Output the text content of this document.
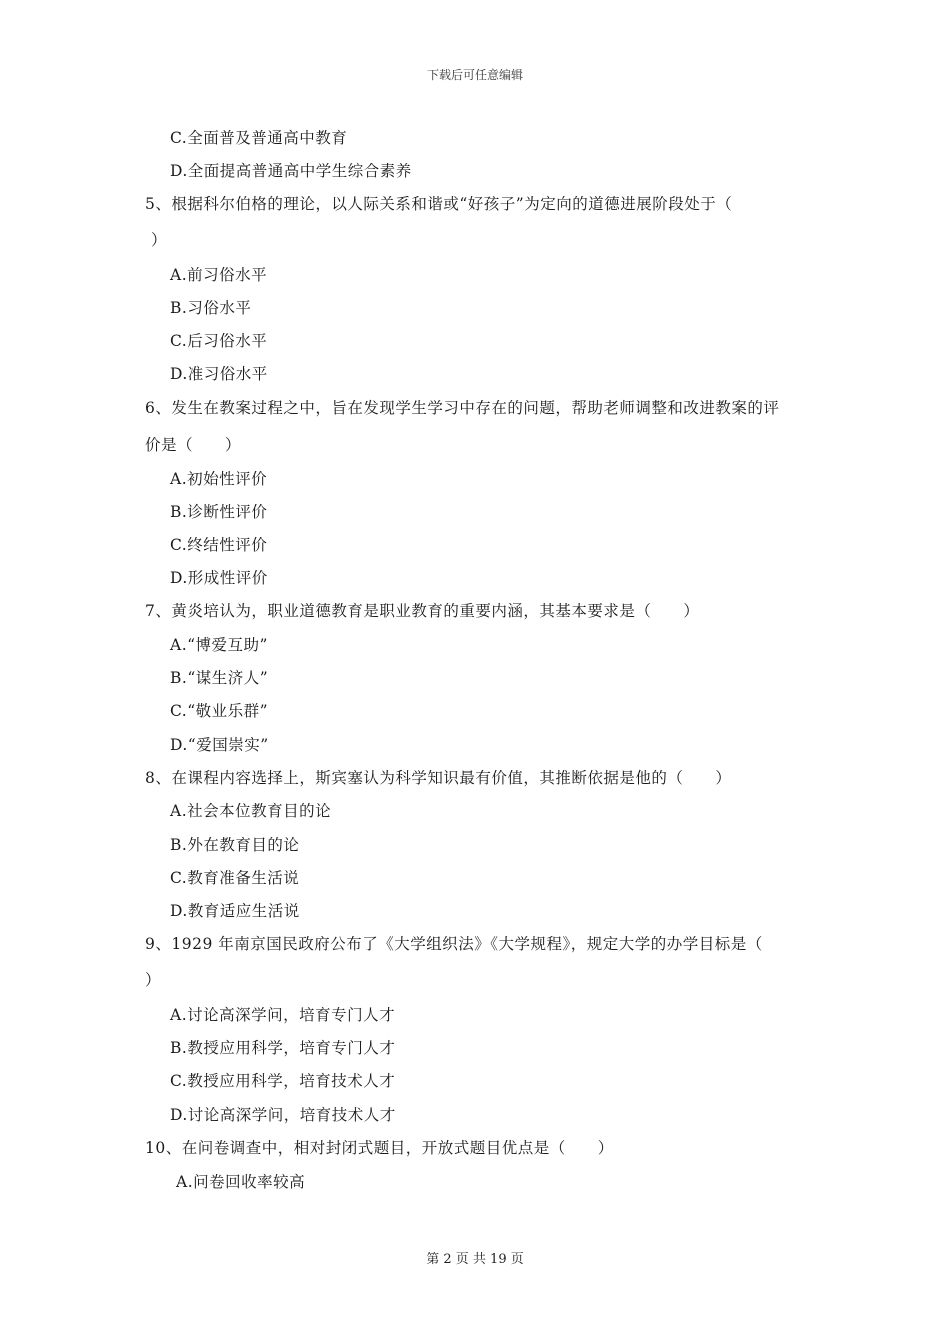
下载后可任意编辑
C.全面普及普通高中教育
D.全面提高普通高中学生综合素养
5、根据科尔伯格的理论，以人际关系和谐或“好孩子”为定向的道德进展阶段处于（
）
A.前习俗水平
B.习俗水平
C.后习俗水平
D.准习俗水平
6、发生在教案过程之中，旨在发现学生学习中存在的问题，帮助老师调整和改进教案的评
价是（　　）
A.初始性评价
B.诊断性评价
C.终结性评价
D.形成性评价
7、黄炎培认为，职业道德教育是职业教育的重要内涵，其基本要求是（　　）
A.“博爱互助”
B.“谋生济人”
C.“敬业乐群”
D.“爱国崇实”
8、在课程内容选择上，斯宾塞认为科学知识最有价值，其推断依据是他的（　　）
A.社会本位教育目的论
B.外在教育目的论
C.教育准备生活说
D.教育适应生活说
9、1929 年南京国民政府公布了《大学组织法》《大学规程》，规定大学的办学目标是（
）
A.讨论高深学问，培育专门人才
B.教授应用科学，培育专门人才
C.教授应用科学，培育技术人才
D.讨论高深学问，培育技术人才
10、在问卷调查中，相对封闭式题目，开放式题目优点是（　　）
A.问卷回收率较高
第 2 页 共 19 页
